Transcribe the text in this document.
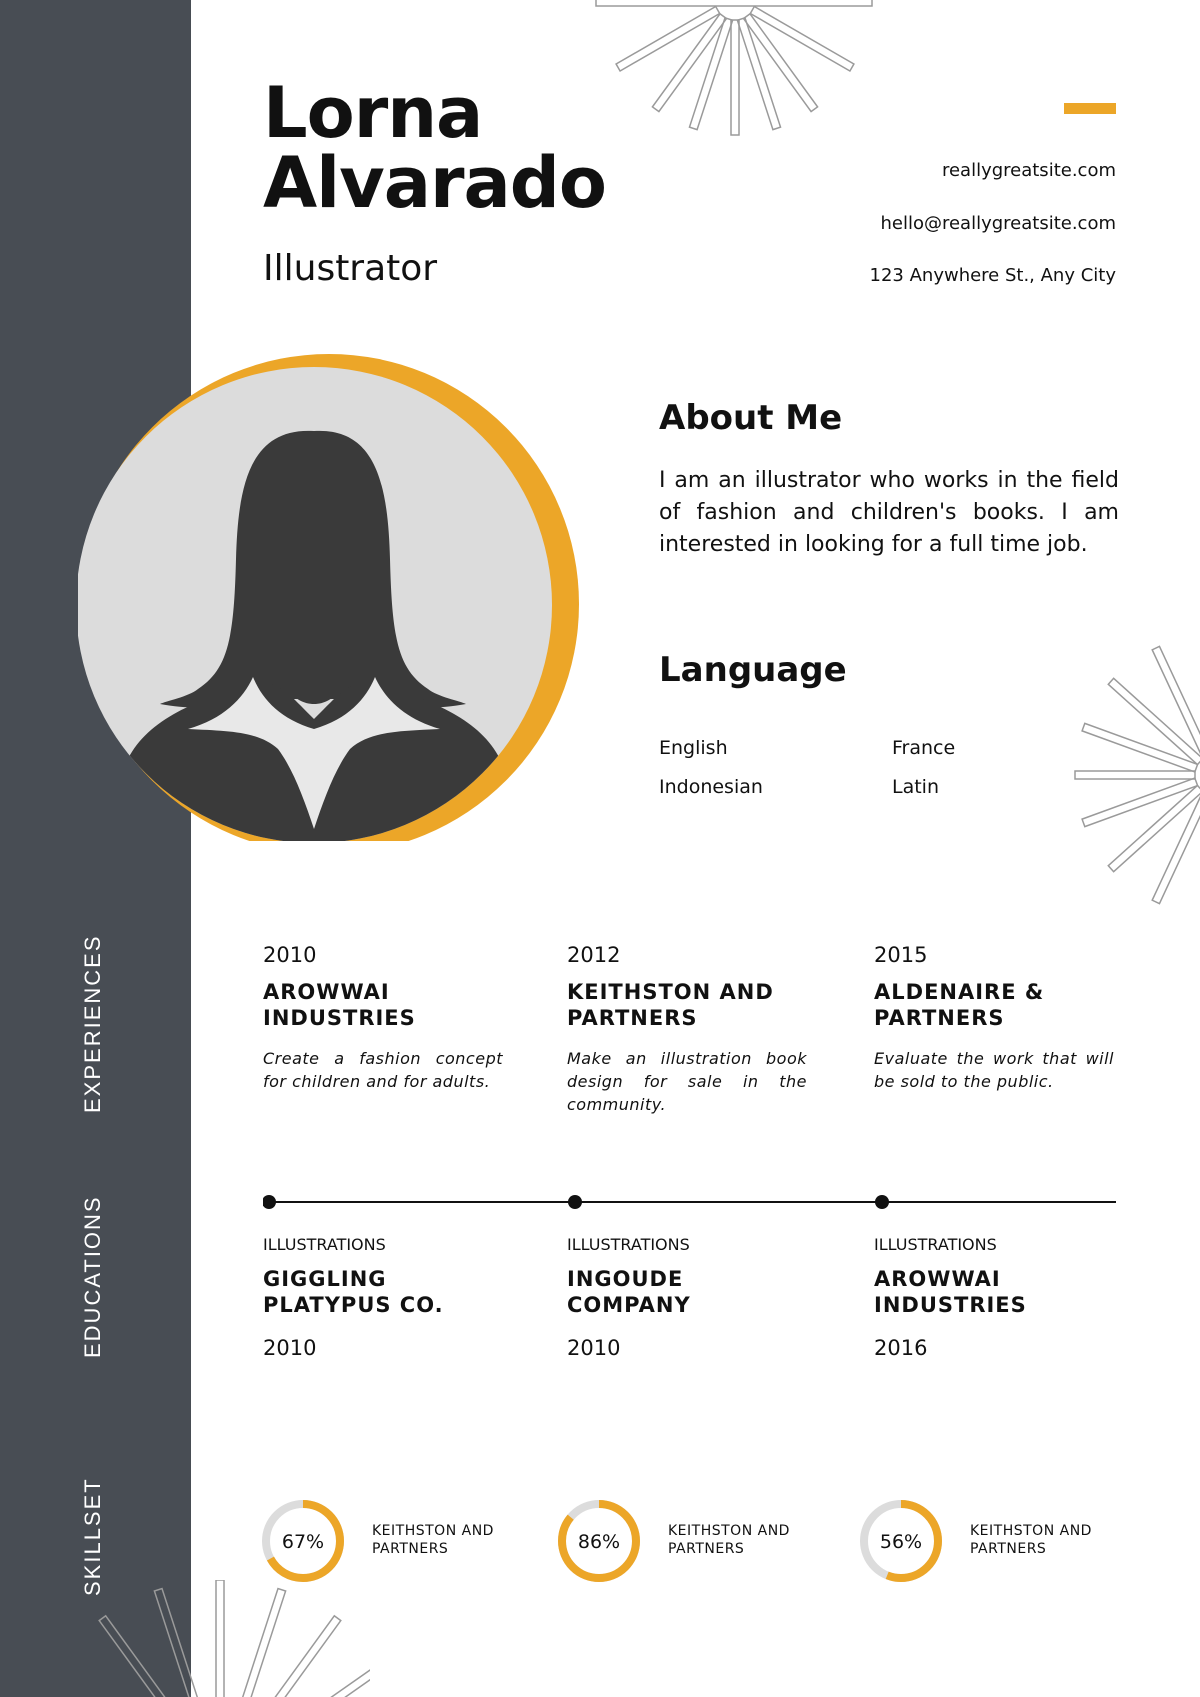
EXPERIENCES
EDUCATIONS
SKILLSET
Lorna
Alvarado
Illustrator
reallygreatsite.com
hello@reallygreatsite.com
123 Anywhere St., Any City
About Me

I am an illustrator who works in the field of fashion and children's books. I am interested in looking for a full time job.

Language
English	France
Indonesian	Latin
2010
AROWWAI INDUSTRIES
Create a fashion concept for children and for adults.
2012
KEITHSTON AND PARTNERS
Make an illustration book design for sale in the community.
2015
ALDENAIRE & PARTNERS
Evaluate the work that will be sold to the public.
ILLUSTRATIONS
GIGGLING PLATYPUS CO.
2010
ILLUSTRATIONS
INGOUDE COMPANY
2010
ILLUSTRATIONS
AROWWAI INDUSTRIES
2016
67%	KEITHSTON AND PARTNERS	86%	KEITHSTON AND PARTNERS	56%	KEITHSTON AND PARTNERS
